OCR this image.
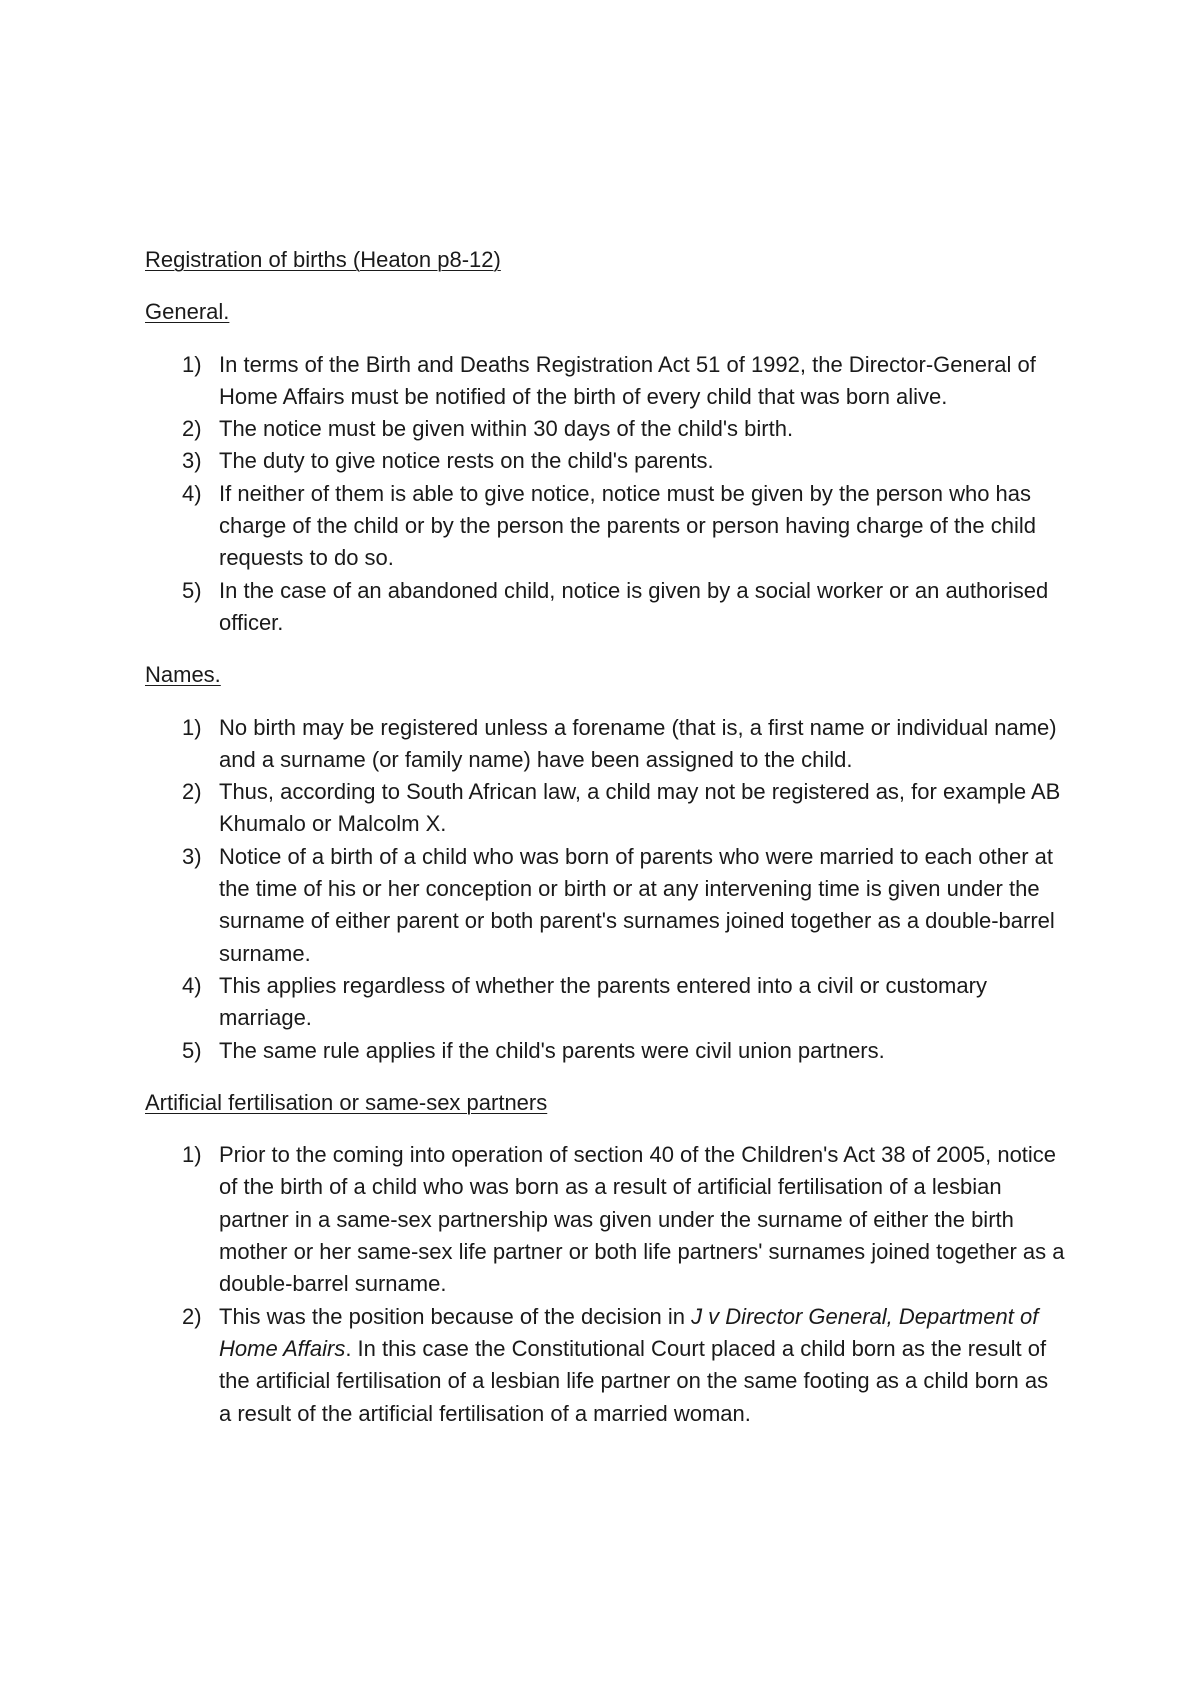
Registration of births (Heaton p8-12)

General.

1) In terms of the Birth and Deaths Registration Act 51 of 1992, the Director-General of Home Affairs must be notified of the birth of every child that was born alive.
2) The notice must be given within 30 days of the child's birth.
3) The duty to give notice rests on the child's parents.
4) If neither of them is able to give notice, notice must be given by the person who has charge of the child or by the person the parents or person having charge of the child requests to do so.
5) In the case of an abandoned child, notice is given by a social worker or an authorised officer.

Names.

1) No birth may be registered unless a forename (that is, a first name or individual name) and a surname (or family name) have been assigned to the child.
2) Thus, according to South African law, a child may not be registered as, for example AB Khumalo or Malcolm X.
3) Notice of a birth of a child who was born of parents who were married to each other at the time of his or her conception or birth or at any intervening time is given under the surname of either parent or both parent's surnames joined together as a double-barrel surname.
4) This applies regardless of whether the parents entered into a civil or customary marriage.
5) The same rule applies if the child's parents were civil union partners.

Artificial fertilisation or same-sex partners

1) Prior to the coming into operation of section 40 of the Children's Act 38 of 2005, notice of the birth of a child who was born as a result of artificial fertilisation of a lesbian partner in a same-sex partnership was given under the surname of either the birth mother or her same-sex life partner or both life partners' surnames joined together as a double-barrel surname.
2) This was the position because of the decision in J v Director General, Department of Home Affairs. In this case the Constitutional Court placed a child born as the result of the artificial fertilisation of a lesbian life partner on the same footing as a child born as a result of the artificial fertilisation of a married woman.
